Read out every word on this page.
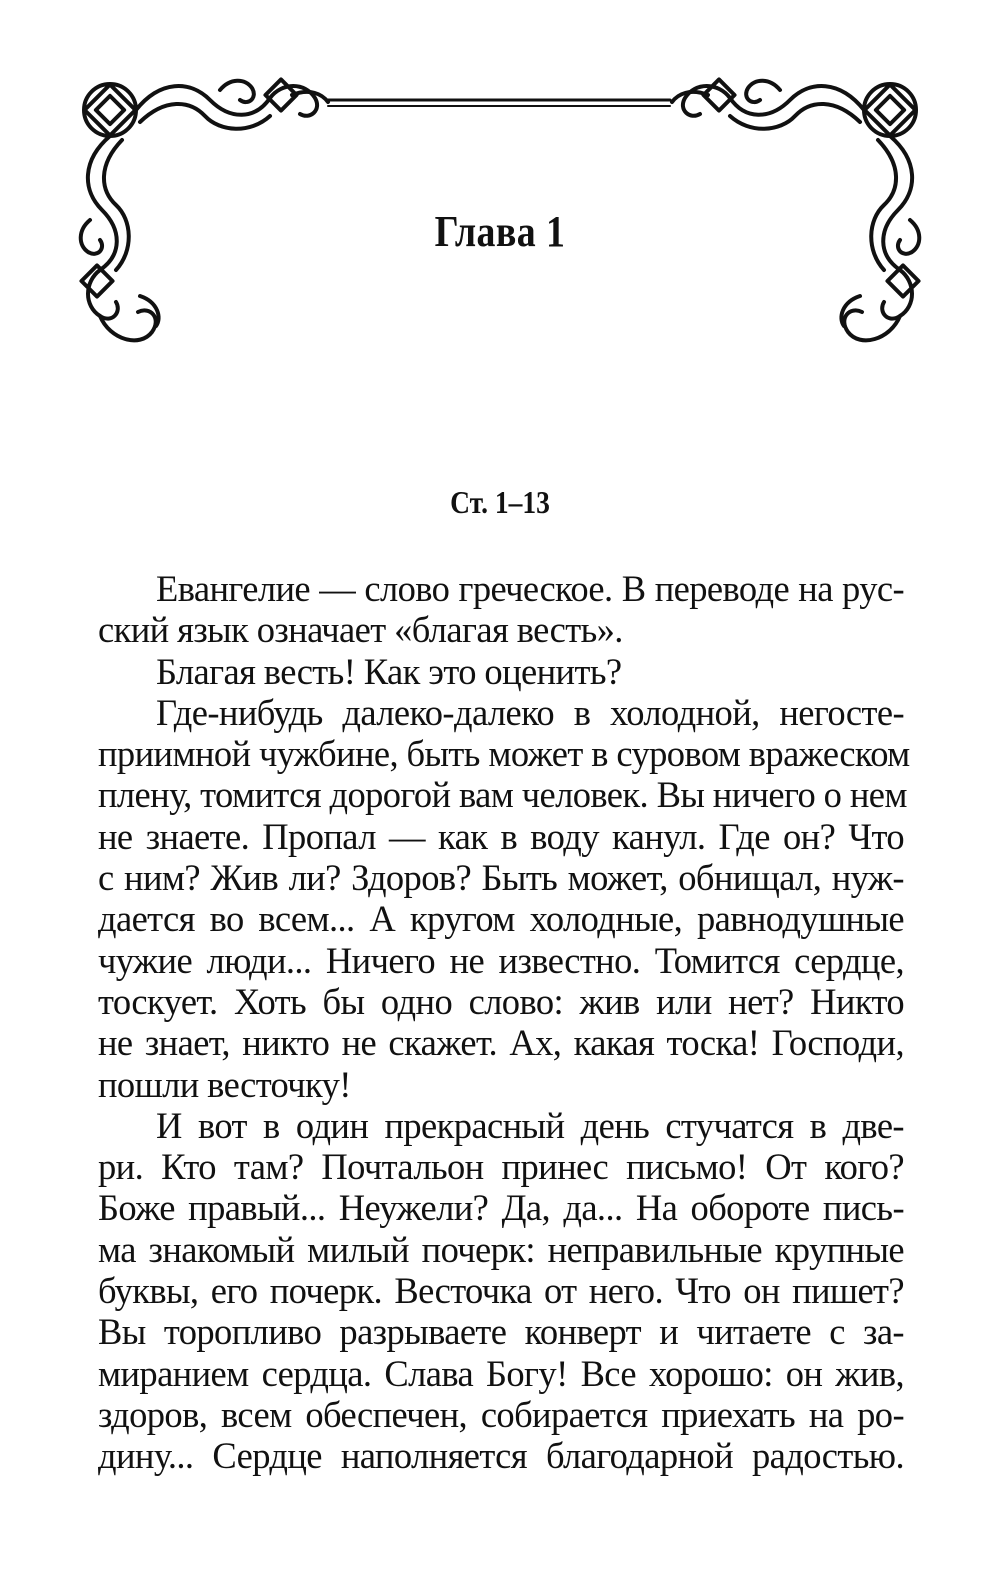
Глава 1
Ст. 1–13
Евангелие — слово греческое. В переводе на рус-
ский язык означает «благая весть».
Благая весть! Как это оценить?
Где-нибудь далеко-далеко в холодной, негосте-
приимной чужбине, быть может в суровом вражеском
плену, томится дорогой вам человек. Вы ничего о нем
не знаете. Пропал — как в воду канул. Где он? Что
с ним? Жив ли? Здоров? Быть может, обнищал, нуж-
дается во всем... А кругом холодные, равнодушные
чужие люди... Ничего не известно. Томится сердце,
тоскует. Хоть бы одно слово: жив или нет? Никто
не знает, никто не скажет. Ах, какая тоска! Господи,
пошли весточку!
И вот в один прекрасный день стучатся в две-
ри. Кто там? Почтальон принес письмо! От кого?
Боже правый... Неужели? Да, да... На обороте пись-
ма знакомый милый почерк: неправильные крупные
буквы, его почерк. Весточка от него. Что он пишет?
Вы торопливо разрываете конверт и читаете с за-
миранием сердца. Слава Богу! Все хорошо: он жив,
здоров, всем обеспечен, собирается приехать на ро-
дину... Сердце наполняется благодарной радостью.
